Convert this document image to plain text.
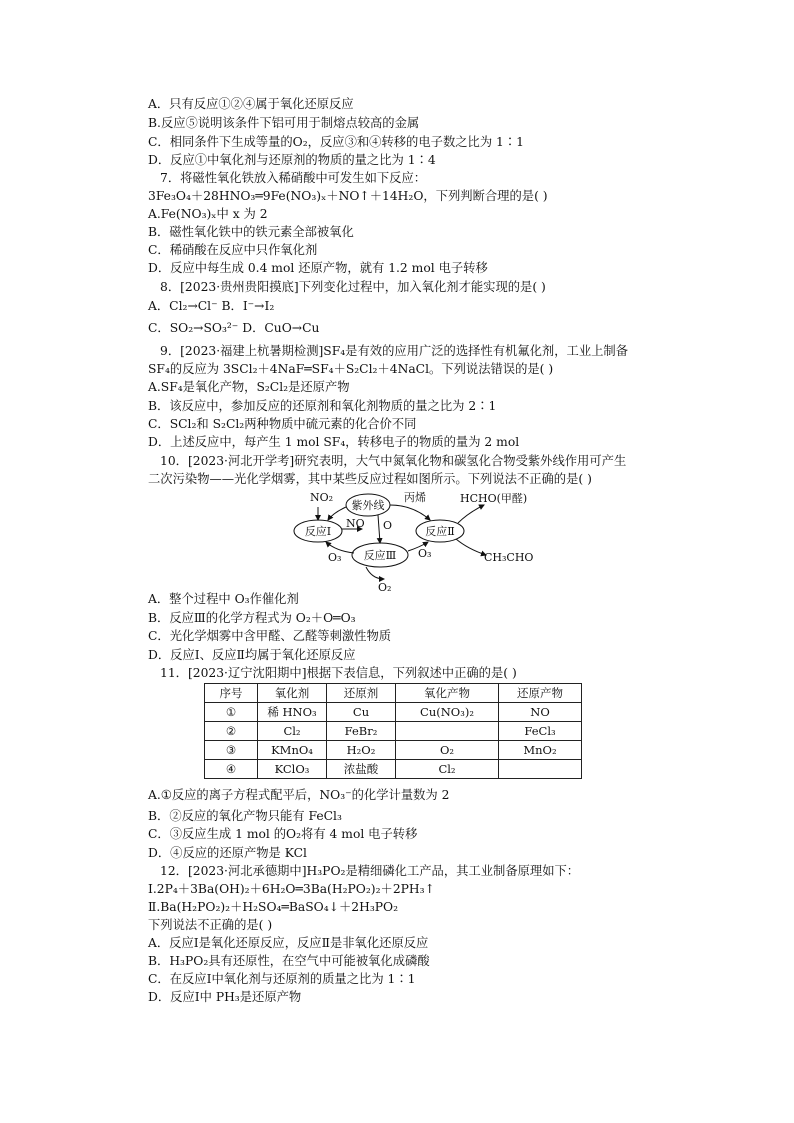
A．只有反应①②④属于氧化还原反应
B.反应⑤说明该条件下铝可用于制熔点较高的金属
C．相同条件下生成等量的O₂，反应③和④转移的电子数之比为 1∶1
D．反应①中氧化剂与还原剂的物质的量之比为 1∶4
7．将磁性氧化铁放入稀硝酸中可发生如下反应：
3Fe₃O₄＋28HNO₃═9Fe(NO₃)ₓ＋NO↑＋14H₂O，下列判断合理的是( )
A.Fe(NO₃)ₓ中 x 为 2
B．磁性氧化铁中的铁元素全部被氧化
C．稀硝酸在反应中只作氧化剂
D．反应中每生成 0.4 mol 还原产物，就有 1.2 mol 电子转移
8．[2023·贵州贵阳摸底]下列变化过程中，加入氧化剂才能实现的是( )
A．Cl₂→Cl⁻ B．I⁻→I₂
C．SO₂→SO₃²⁻ D．CuO→Cu
9．[2023·福建上杭暑期检测]SF₄是有效的应用广泛的选择性有机氟化剂，工业上制备
SF₄的反应为 3SCl₂＋4NaF═SF₄＋S₂Cl₂＋4NaCl。下列说法错误的是( )
A.SF₄是氧化产物，S₂Cl₂是还原产物
B．该反应中，参加反应的还原剂和氧化剂物质的量之比为 2∶1
C．SCl₂和 S₂Cl₂两种物质中硫元素的化合价不同
D．上述反应中，每产生 1 mol SF₄，转移电子的物质的量为 2 mol
10．[2023·河北开学考]研究表明，大气中氮氧化物和碳氢化合物受紫外线作用可产生
二次污染物——光化学烟雾，其中某些反应过程如图所示。下列说法不正确的是( )
紫外线
反应Ⅰ	反应Ⅱ
反应Ⅲ
NO₂
NO O
丙烯	HCHO(甲醛)
CH₃CHO
O₃	O₃
O₂
A．整个过程中 O₃作催化剂
B．反应Ⅲ的化学方程式为 O₂＋O═O₃
C．光化学烟雾中含甲醛、乙醛等刺激性物质
D．反应Ⅰ、反应Ⅱ均属于氧化还原反应
11．[2023·辽宁沈阳期中]根据下表信息，下列叙述中正确的是( )
序号	氧化剂	还原剂	氧化产物	还原产物
①	稀 HNO₃	Cu	Cu(NO₃)₂	NO
②	Cl₂	FeBr₂		FeCl₃
③	KMnO₄	H₂O₂	O₂	MnO₂
④	KClO₃	浓盐酸	Cl₂	
A.①反应的离子方程式配平后，NO₃⁻的化学计量数为 2
B．②反应的氧化产物只能有 FeCl₃
C．③反应生成 1 mol 的O₂将有 4 mol 电子转移
D．④反应的还原产物是 KCl
12．[2023·河北承德期中]H₃PO₂是精细磷化工产品，其工业制备原理如下：
Ⅰ.2P₄＋3Ba(OH)₂＋6H₂O═3Ba(H₂PO₂)₂＋2PH₃↑
Ⅱ.Ba(H₂PO₂)₂＋H₂SO₄═BaSO₄↓＋2H₃PO₂
下列说法不正确的是( )
A．反应Ⅰ是氧化还原反应，反应Ⅱ是非氧化还原反应
B．H₃PO₂具有还原性，在空气中可能被氧化成磷酸
C．在反应Ⅰ中氧化剂与还原剂的质量之比为 1∶1
D．反应Ⅰ中 PH₃是还原产物
